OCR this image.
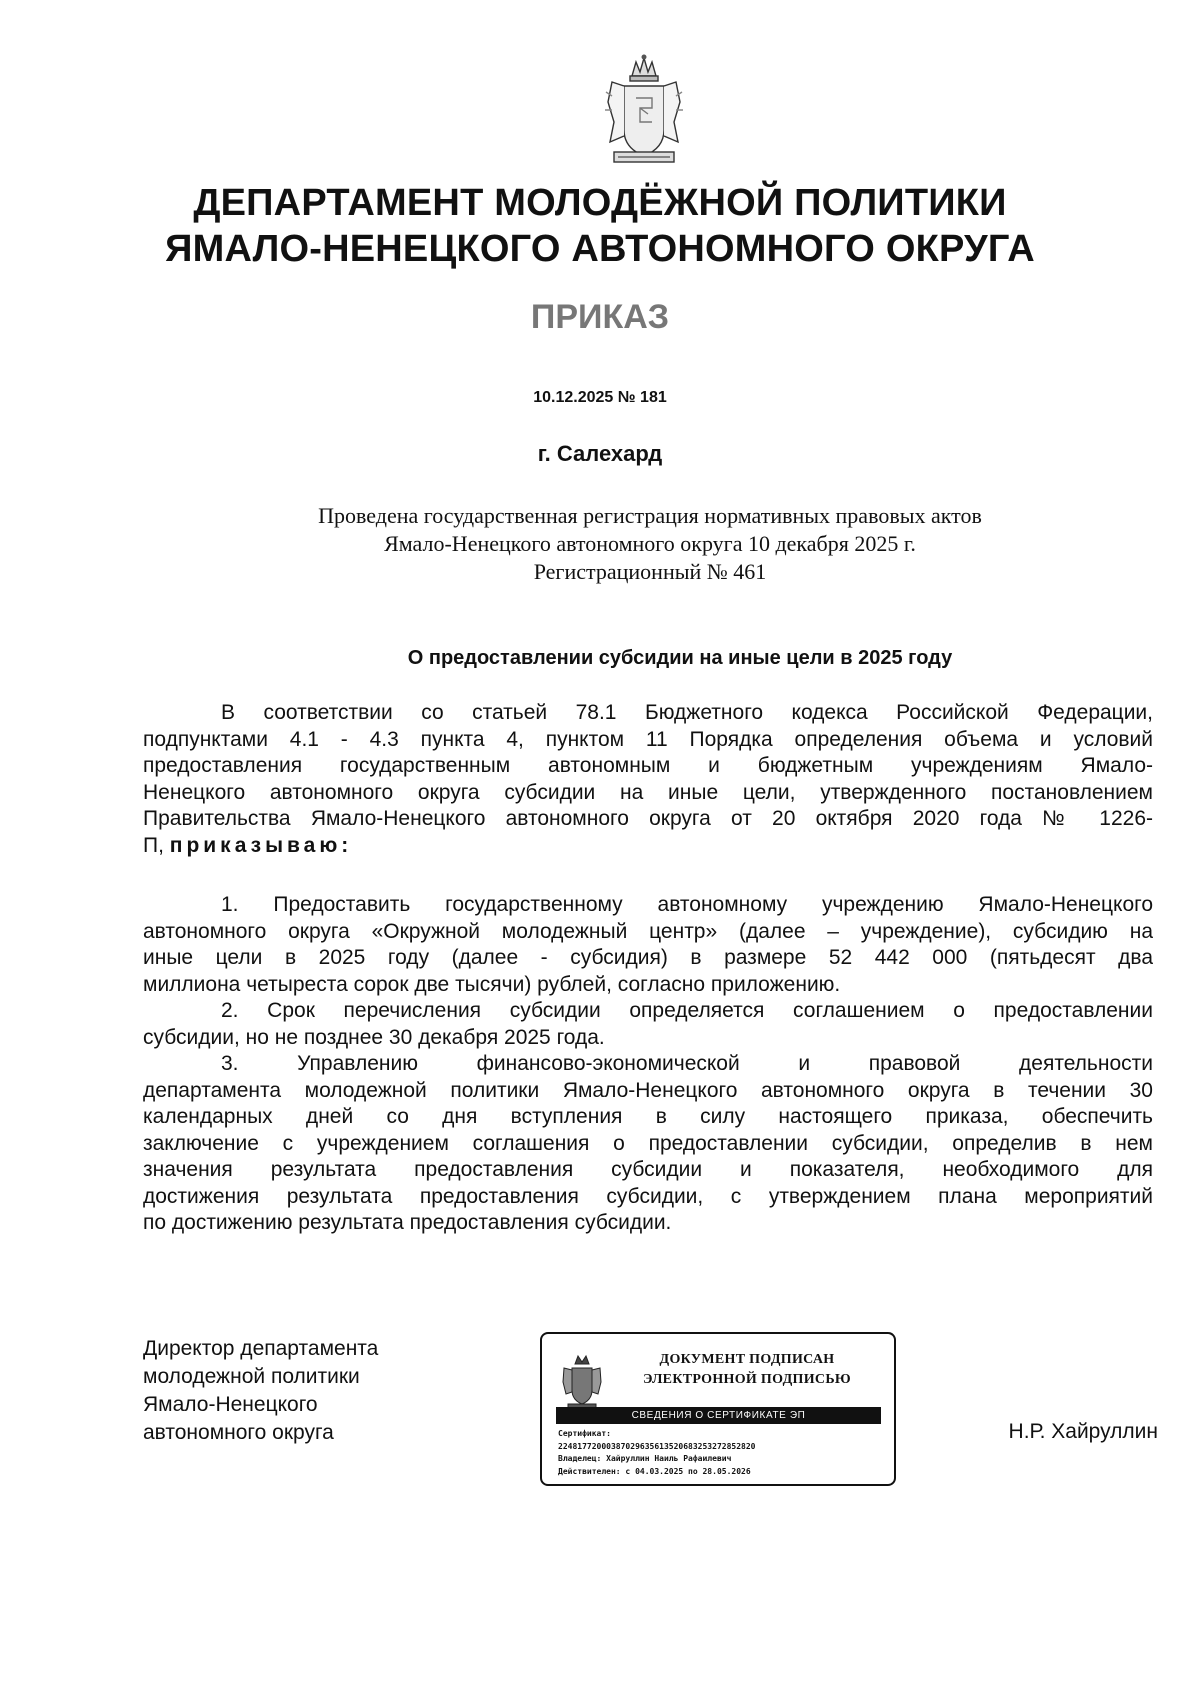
ДЕПАРТАМЕНТ МОЛОДЁЖНОЙ ПОЛИТИКИ
ЯМАЛО-НЕНЕЦКОГО АВТОНОМНОГО ОКРУГА
ПРИКАЗ
10.12.2025 № 181
г. Салехард
Проведена государственная регистрация нормативных правовых актов
Ямало-Ненецкого автономного округа 10 декабря 2025 г.
Регистрационный № 461
О предоставлении субсидии на иные цели в 2025 году
В соответствии со статьей 78.1 Бюджетного кодекса Российской Федерации,
подпунктами 4.1 - 4.3 пункта 4, пунктом 11 Порядка определения объема и условий
предоставления государственным автономным и бюджетным учреждениям Ямало-
Ненецкого автономного округа субсидии на иные цели, утвержденного постановлением
Правительства Ямало-Ненецкого автономного округа от 20 октября 2020 года № 1226-
П, приказываю:
1. Предоставить государственному автономному учреждению Ямало-Ненецкого
автономного округа «Окружной молодежный центр» (далее – учреждение), субсидию на
иные цели в 2025 году (далее - субсидия) в размере 52 442 000 (пятьдесят два
миллиона четыреста сорок две тысячи) рублей, согласно приложению.
2. Срок перечисления субсидии определяется соглашением о предоставлении
субсидии, но не позднее 30 декабря 2025 года.
3. Управлению финансово-экономической и правовой деятельности
департамента молодежной политики Ямало-Ненецкого автономного округа в течении 30
календарных дней со дня вступления в силу настоящего приказа, обеспечить
заключение с учреждением соглашения о предоставлении субсидии, определив в нем
значения результата предоставления субсидии и показателя, необходимого для
достижения результата предоставления субсидии, с утверждением плана мероприятий
по достижению результата предоставления субсидии.
Директор департамента
молодежной политики
Ямало-Ненецкого
автономного округа
ДОКУМЕНТ ПОДПИСАН
ЭЛЕКТРОННОЙ ПОДПИСЬЮ
СВЕДЕНИЯ О СЕРТИФИКАТЕ ЭП
Сертификат:
22481772000387029635613520683253272852820
Владелец: Хайруллин Наиль Рафаилевич
Действителен: с 04.03.2025 по 28.05.2026
Н.Р. Хайруллин
